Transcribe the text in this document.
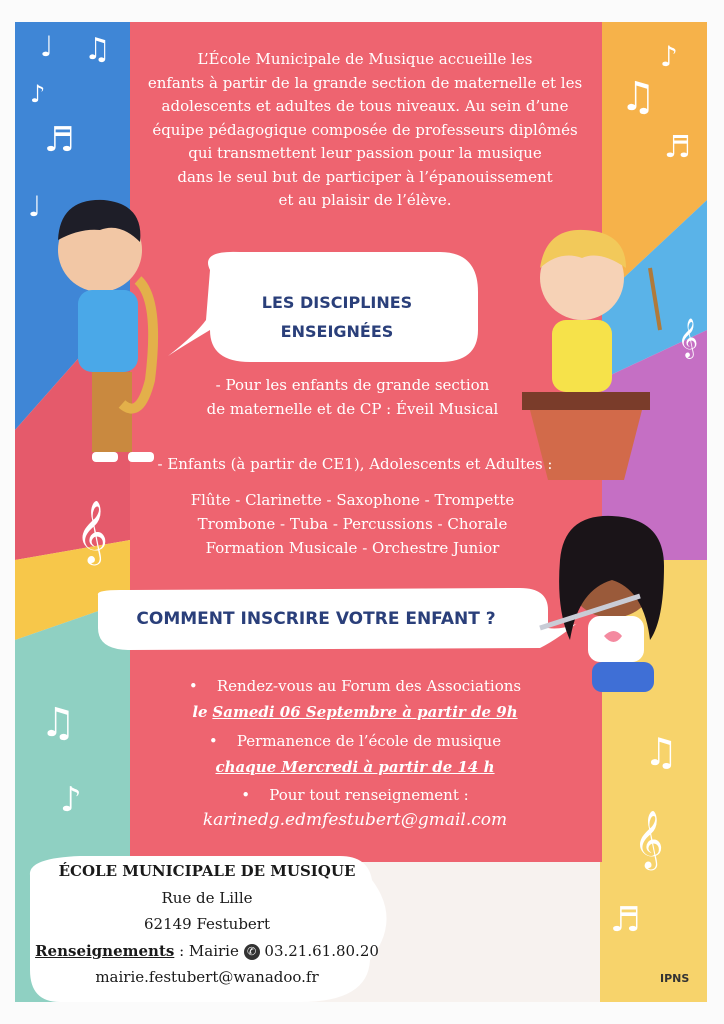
♩ ♫
♪
♬
♩
♪
♫
♬
𝄞
𝄞
♫
♪
♫
𝄞
♬
L’École Municipale de Musique accueille les
enfants à partir de la grande section de maternelle et les
adolescents et adultes de tous niveaux. Au sein d’une
équipe pédagogique composée de professeurs diplômés
qui transmettent leur passion pour la musique
dans le seul but de participer à l’épanouissement
et au plaisir de l’élève.
LES DISCIPLINES
ENSEIGNÉES
- Pour les enfants de grande section
de maternelle et de CP : Éveil Musical
- Enfants (à partir de CE1), Adolescents et Adultes :
Flûte - Clarinette - Saxophone - Trompette
Trombone - Tuba - Percussions - Chorale
Formation Musicale - Orchestre Junior
COMMENT INSCRIRE VOTRE ENFANT ?
• Rendez-vous au Forum des Associations
le Samedi 06 Septembre à partir de 9h
• Permanence de l’école de musique
chaque Mercredi à partir de 14 h
• Pour tout renseignement :
karinedg.edmfestubert@gmail.com
ÉCOLE MUNICIPALE DE MUSIQUE
Rue de Lille
62149 Festubert
Renseignements : Mairie ✆ 03.21.61.80.20
mairie.festubert@wanadoo.fr	IPNS
